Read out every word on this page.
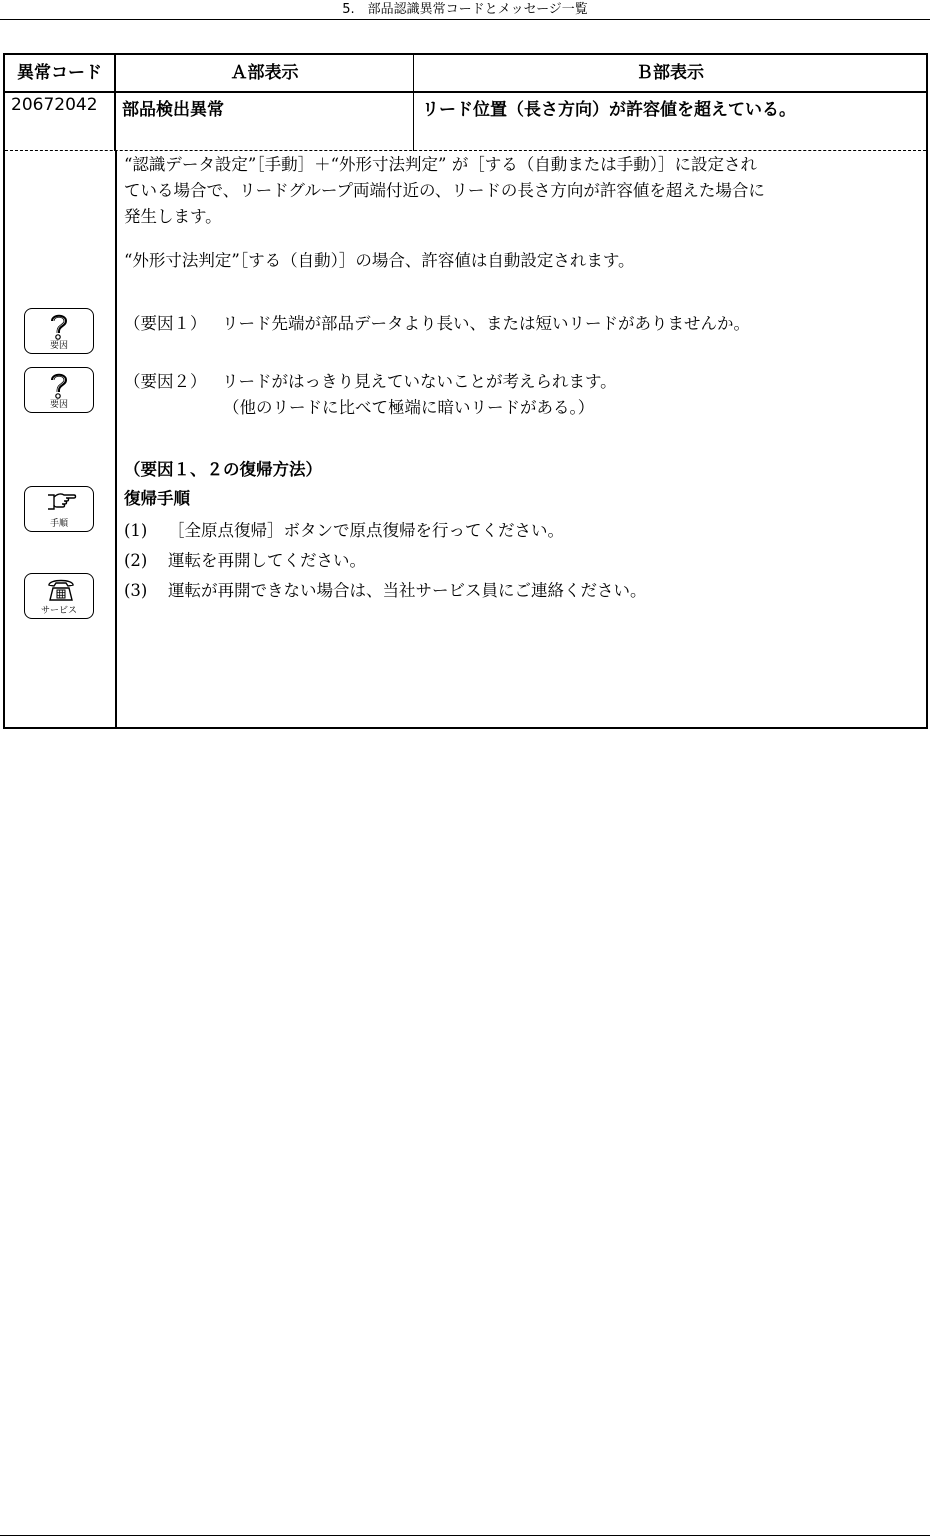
5.　部品認識異常コードとメッセージ一覧
異常コード	Ａ部表示	Ｂ部表示
20672042	部品検出異常	リード位置（長さ方向）が許容値を超えている。
“認識データ設定”［手動］＋“外形寸法判定” が［する（自動または手動）］に設定され
ている場合で、リードグループ両端付近の、リードの長さ方向が許容値を超えた場合に
発生します。
“外形寸法判定”［する（自動）］の場合、許容値は自動設定されます。
要因
（要因１） リード先端が部品データより長い、または短いリードがありませんか。
要因
（要因２） リードがはっきり見えていないことが考えられます。
（他のリードに比べて極端に暗いリードがある。）
（要因１、２の復帰方法）
復帰手順
手順	(1) ［全原点復帰］ボタンで原点復帰を行ってください。
(2) 運転を再開してください。
(3) 運転が再開できない場合は、当社サービス員にご連絡ください。
サービス
